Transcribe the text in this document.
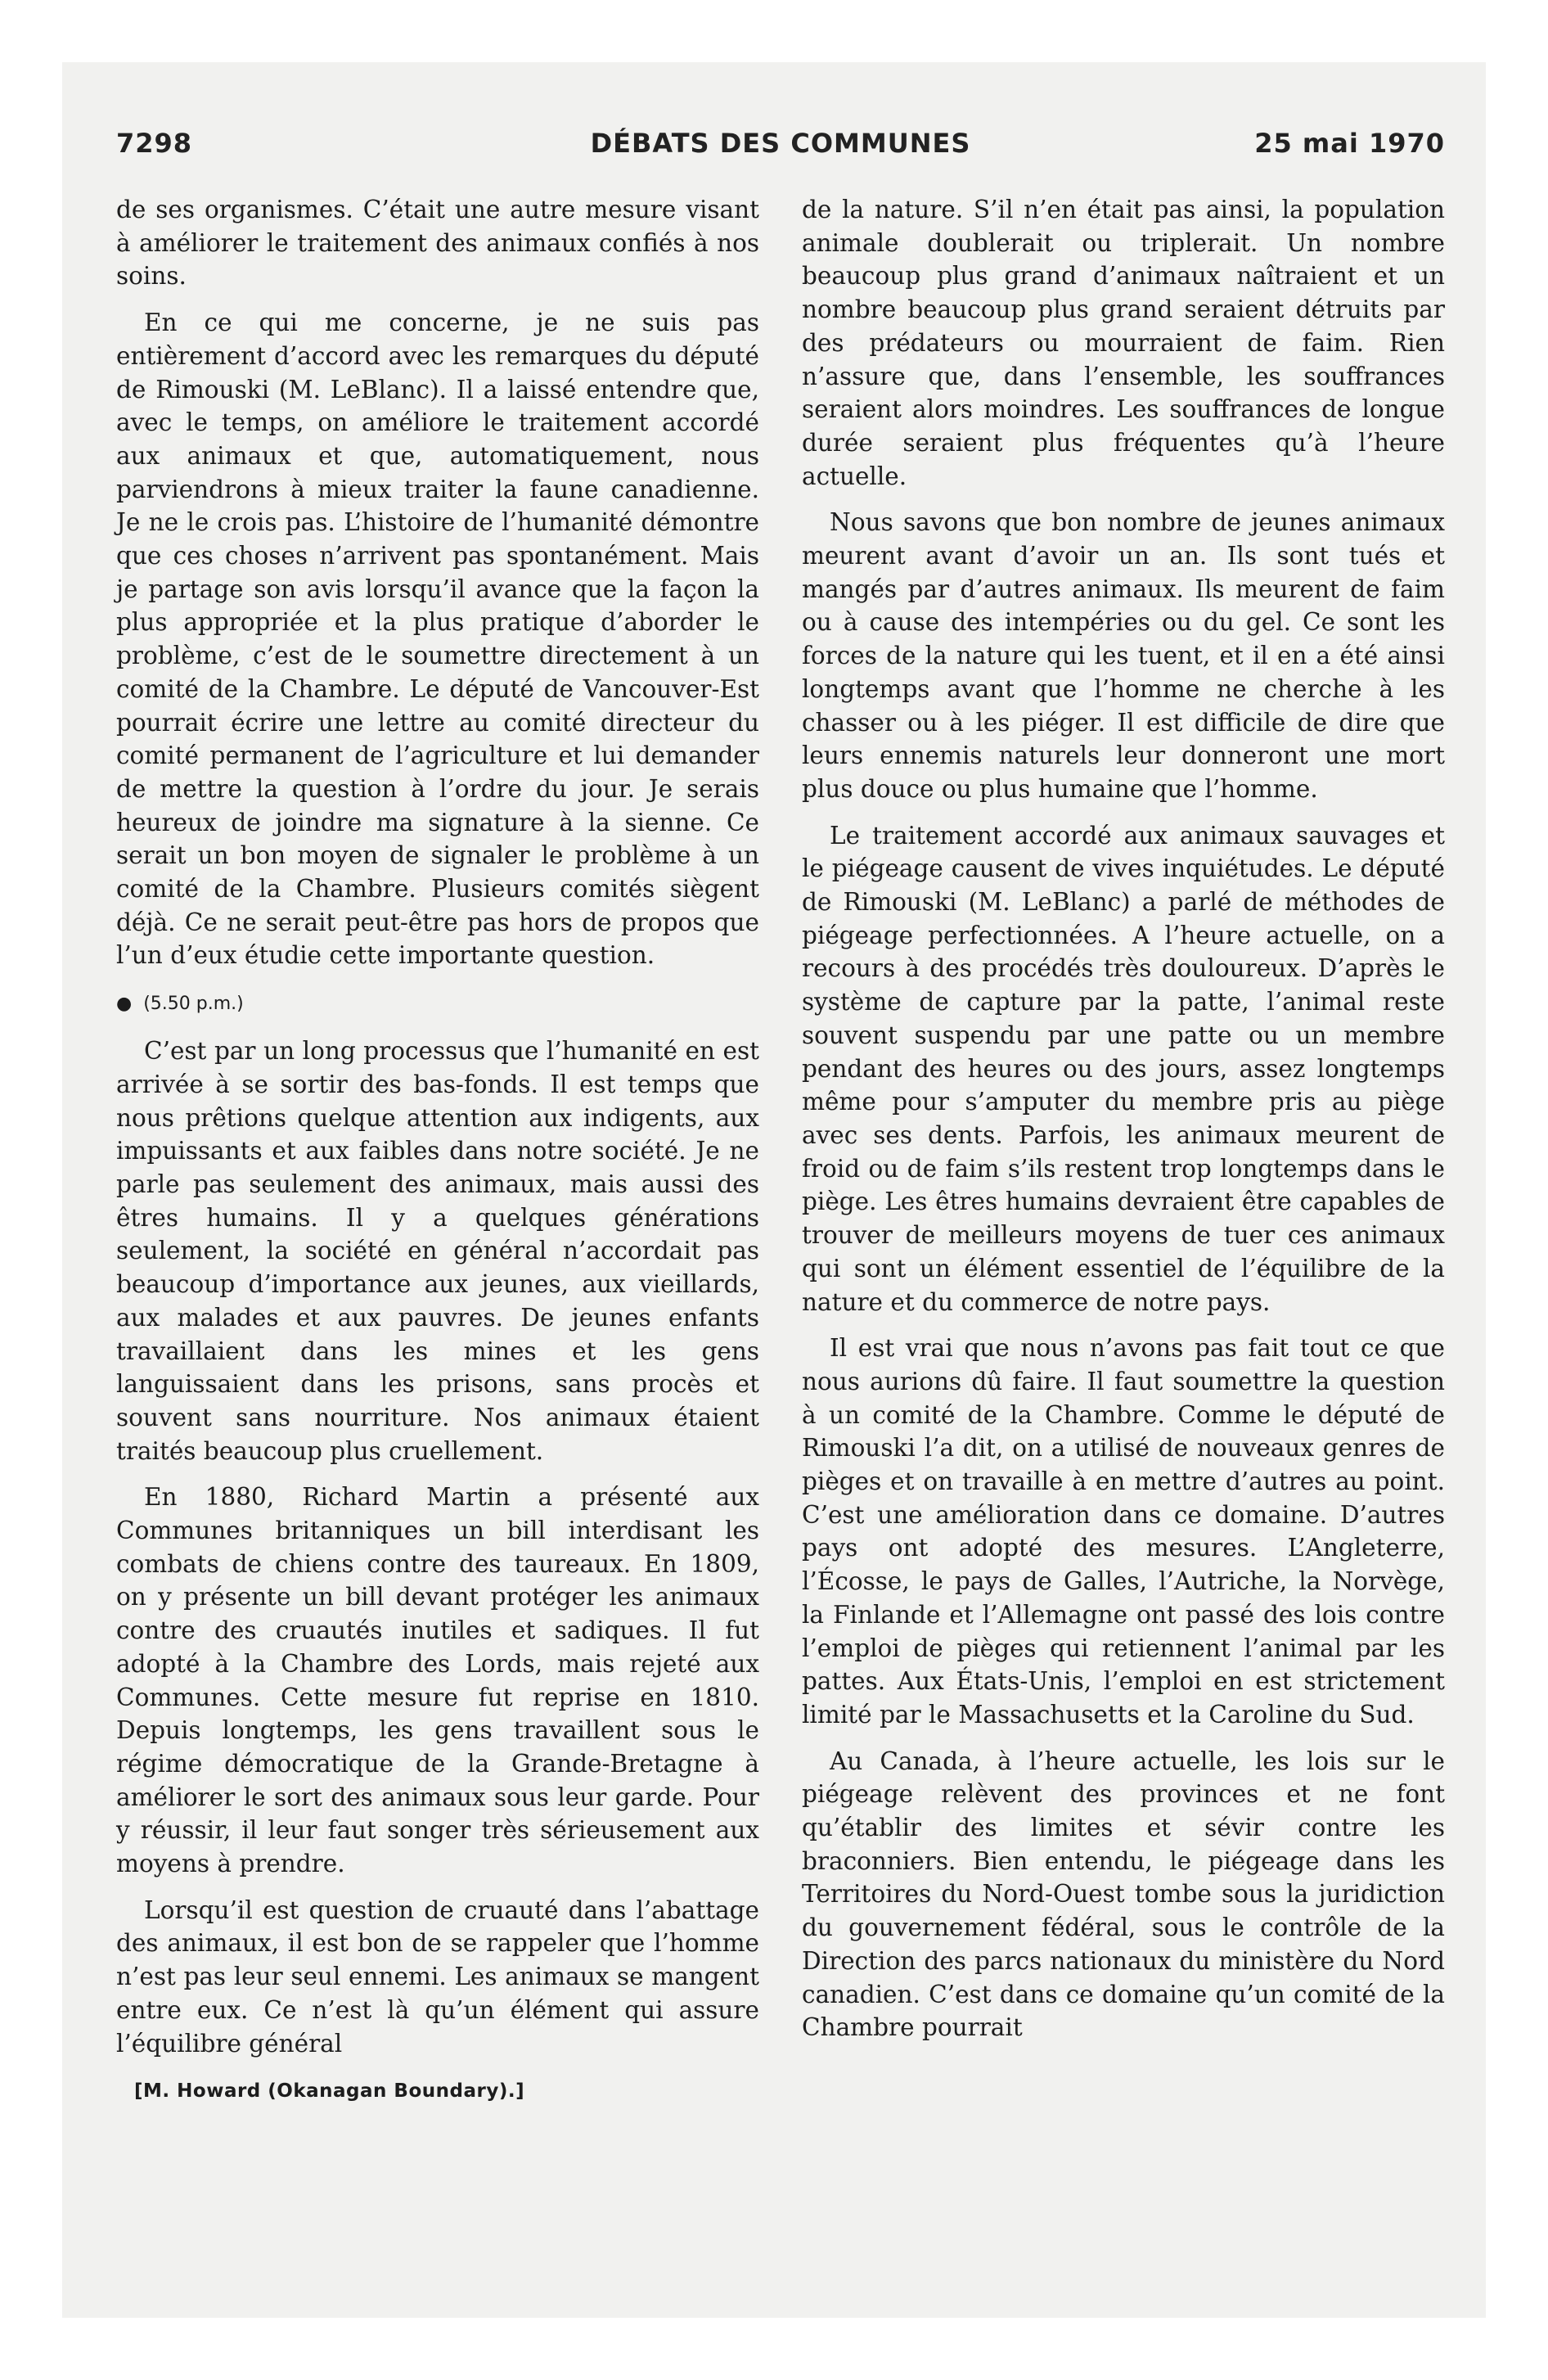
7298	DÉBATS DES COMMUNES	25 mai 1970

de ses organismes. C’était une autre mesure visant à améliorer le traitement des animaux confiés à nos soins.

En ce qui me concerne, je ne suis pas entièrement d’accord avec les remarques du député de Rimouski (M. LeBlanc). Il a laissé entendre que, avec le temps, on améliore le traitement accordé aux animaux et que, automatiquement, nous parviendrons à mieux traiter la faune canadienne. Je ne le crois pas. L’histoire de l’humanité démontre que ces choses n’arrivent pas spontanément. Mais je partage son avis lorsqu’il avance que la façon la plus appropriée et la plus pratique d’aborder le problème, c’est de le soumettre directement à un comité de la Chambre. Le député de Vancouver-Est pourrait écrire une lettre au comité directeur du comité permanent de l’agriculture et lui demander de mettre la question à l’ordre du jour. Je serais heureux de joindre ma signature à la sienne. Ce serait un bon moyen de signaler le problème à un comité de la Chambre. Plusieurs comités siègent déjà. Ce ne serait peut-être pas hors de propos que l’un d’eux étudie cette importante question.

● (5.50 p.m.)

C’est par un long processus que l’humanité en est arrivée à se sortir des bas-fonds. Il est temps que nous prêtions quelque attention aux indigents, aux impuissants et aux faibles dans notre société. Je ne parle pas seulement des animaux, mais aussi des êtres humains. Il y a quelques générations seulement, la société en général n’accordait pas beaucoup d’importance aux jeunes, aux vieillards, aux malades et aux pauvres. De jeunes enfants travaillaient dans les mines et les gens languissaient dans les prisons, sans procès et souvent sans nourriture. Nos animaux étaient traités beaucoup plus cruellement.

En 1880, Richard Martin a présenté aux Communes britanniques un bill interdisant les combats de chiens contre des taureaux. En 1809, on y présente un bill devant protéger les animaux contre des cruautés inutiles et sadiques. Il fut adopté à la Chambre des Lords, mais rejeté aux Communes. Cette mesure fut reprise en 1810. Depuis longtemps, les gens travaillent sous le régime démocratique de la Grande-Bretagne à améliorer le sort des animaux sous leur garde. Pour y réussir, il leur faut songer très sérieusement aux moyens à prendre.

Lorsqu’il est question de cruauté dans l’abattage des animaux, il est bon de se rappeler que l’homme n’est pas leur seul ennemi. Les animaux se mangent entre eux. Ce n’est là qu’un élément qui assure l’équilibre général

[M. Howard (Okanagan Boundary).]

de la nature. S’il n’en était pas ainsi, la population animale doublerait ou triplerait. Un nombre beaucoup plus grand d’animaux naîtraient et un nombre beaucoup plus grand seraient détruits par des prédateurs ou mourraient de faim. Rien n’assure que, dans l’ensemble, les souffrances seraient alors moindres. Les souffrances de longue durée seraient plus fréquentes qu’à l’heure actuelle.

Nous savons que bon nombre de jeunes animaux meurent avant d’avoir un an. Ils sont tués et mangés par d’autres animaux. Ils meurent de faim ou à cause des intempéries ou du gel. Ce sont les forces de la nature qui les tuent, et il en a été ainsi longtemps avant que l’homme ne cherche à les chasser ou à les piéger. Il est difficile de dire que leurs ennemis naturels leur donneront une mort plus douce ou plus humaine que l’homme.

Le traitement accordé aux animaux sauvages et le piégeage causent de vives inquiétudes. Le député de Rimouski (M. LeBlanc) a parlé de méthodes de piégeage perfectionnées. A l’heure actuelle, on a recours à des procédés très douloureux. D’après le système de capture par la patte, l’animal reste souvent suspendu par une patte ou un membre pendant des heures ou des jours, assez longtemps même pour s’amputer du membre pris au piège avec ses dents. Parfois, les animaux meurent de froid ou de faim s’ils restent trop longtemps dans le piège. Les êtres humains devraient être capables de trouver de meilleurs moyens de tuer ces animaux qui sont un élément essentiel de l’équilibre de la nature et du commerce de notre pays.

Il est vrai que nous n’avons pas fait tout ce que nous aurions dû faire. Il faut soumettre la question à un comité de la Chambre. Comme le député de Rimouski l’a dit, on a utilisé de nouveaux genres de pièges et on travaille à en mettre d’autres au point. C’est une amélioration dans ce domaine. D’autres pays ont adopté des mesures. L’Angleterre, l’Écosse, le pays de Galles, l’Autriche, la Norvège, la Finlande et l’Allemagne ont passé des lois contre l’emploi de pièges qui retiennent l’animal par les pattes. Aux États-Unis, l’emploi en est strictement limité par le Massachusetts et la Caroline du Sud.

Au Canada, à l’heure actuelle, les lois sur le piégeage relèvent des provinces et ne font qu’établir des limites et sévir contre les braconniers. Bien entendu, le piégeage dans les Territoires du Nord-Ouest tombe sous la juridiction du gouvernement fédéral, sous le contrôle de la Direction des parcs nationaux du ministère du Nord canadien. C’est dans ce domaine qu’un comité de la Chambre pourrait
